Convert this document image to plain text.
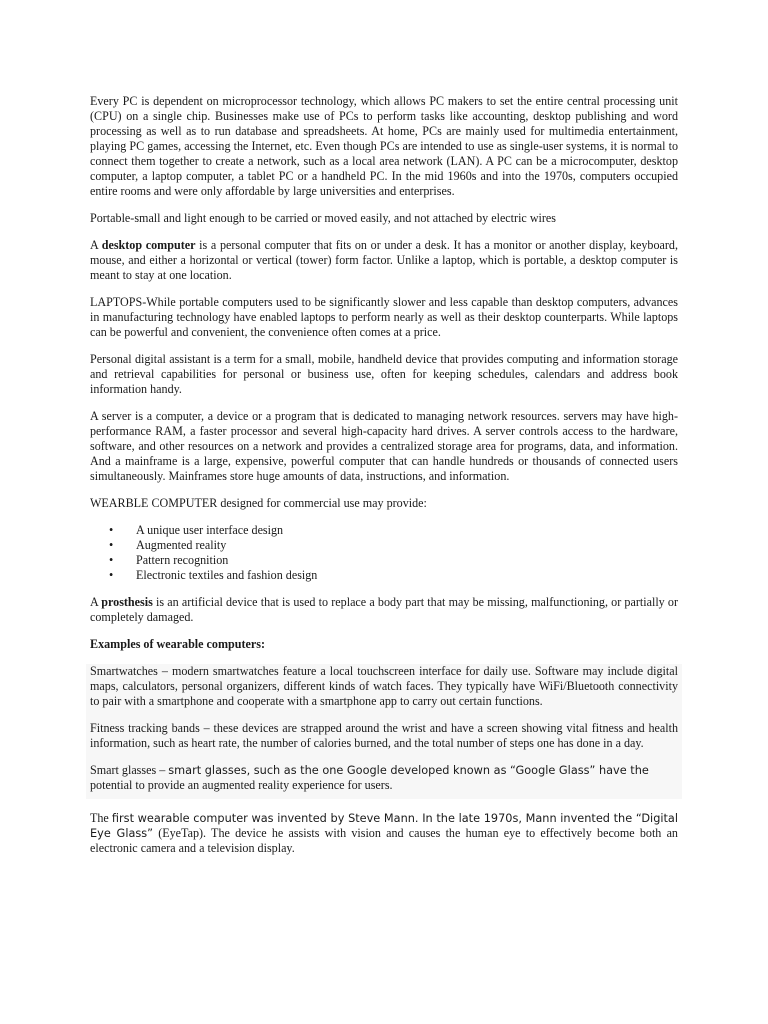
Every PC is dependent on microprocessor technology, which allows PC makers to set the entire central processing unit (CPU) on a single chip. Businesses make use of PCs to perform tasks like accounting, desktop publishing and word processing as well as to run database and spreadsheets. At home, PCs are mainly used for multimedia entertainment, playing PC games, accessing the Internet, etc. Even though PCs are intended to use as single-user systems, it is normal to connect them together to create a network, such as a local area network (LAN). A PC can be a microcomputer, desktop computer, a laptop computer, a tablet PC or a handheld PC. In the mid 1960s and into the 1970s, computers occupied entire rooms and were only affordable by large universities and enterprises.

Portable-small and light enough to be carried or moved easily, and not attached by electric wires

A desktop computer is a personal computer that fits on or under a desk. It has a monitor or another display, keyboard, mouse, and either a horizontal or vertical (tower) form factor. Unlike a laptop, which is portable, a desktop computer is meant to stay at one location.

LAPTOPS-While portable computers used to be significantly slower and less capable than desktop computers, advances in manufacturing technology have enabled laptops to perform nearly as well as their desktop counterparts. While laptops can be powerful and convenient, the convenience often comes at a price.

Personal digital assistant is a term for a small, mobile, handheld device that provides computing and information storage and retrieval capabilities for personal or business use, often for keeping schedules, calendars and address book information handy.

A server is a computer, a device or a program that is dedicated to managing network resources. servers may have high-performance RAM, a faster processor and several high-capacity hard drives. A server controls access to the hardware, software, and other resources on a network and provides a centralized storage area for programs, data, and information. And a mainframe is a large, expensive, powerful computer that can handle hundreds or thousands of connected users simultaneously. Mainframes store huge amounts of data, instructions, and information.

WEARBLE COMPUTER designed for commercial use may provide:

• A unique user interface design
• Augmented reality
• Pattern recognition
• Electronic textiles and fashion design

A prosthesis is an artificial device that is used to replace a body part that may be missing, malfunctioning, or partially or completely damaged.

Examples of wearable computers:

Smartwatches – modern smartwatches feature a local touchscreen interface for daily use. Software may include digital maps, calculators, personal organizers, different kinds of watch faces. They typically have WiFi/Bluetooth connectivity to pair with a smartphone and cooperate with a smartphone app to carry out certain functions.

Fitness tracking bands – these devices are strapped around the wrist and have a screen showing vital fitness and health information, such as heart rate, the number of calories burned, and the total number of steps one has done in a day.

Smart glasses – smart glasses, such as the one Google developed known as “Google Glass” have the potential to provide an augmented reality experience for users.

The first wearable computer was invented by Steve Mann. In the late 1970s, Mann invented the “Digital Eye Glass” (EyeTap). The device he assists with vision and causes the human eye to effectively become both an electronic camera and a television display.
